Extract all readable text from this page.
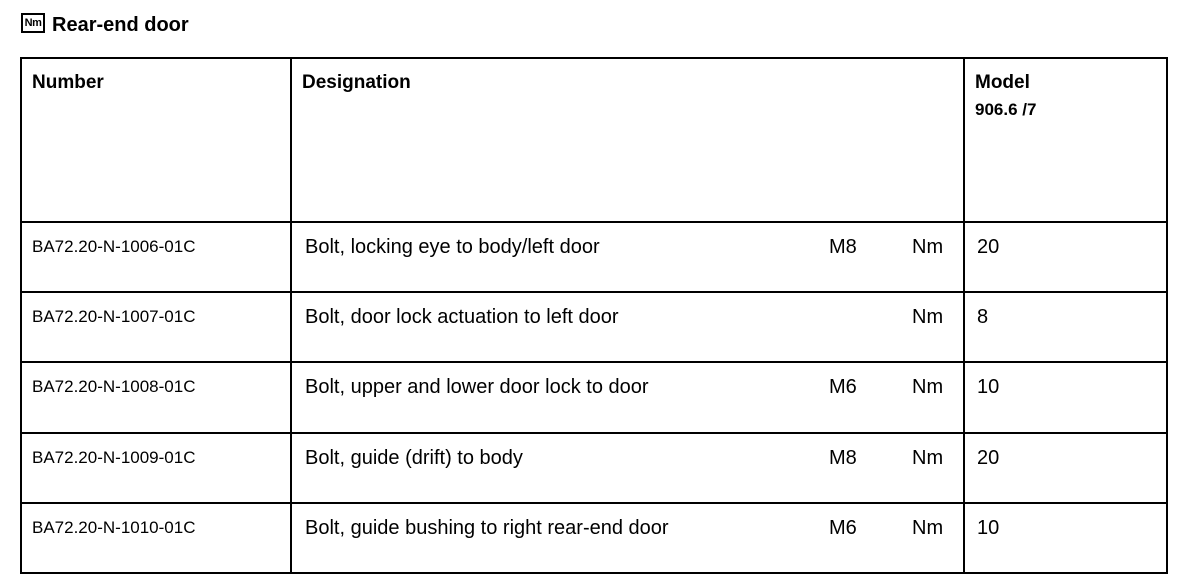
Nm Rear-end door
Number	Designation	Model
906.6 /7

BA72.20-N-1006-01C	Bolt, locking eye to body/left door M8 Nm	20
BA72.20-N-1007-01C	Bolt, door lock actuation to left door Nm	8
BA72.20-N-1008-01C	Bolt, upper and lower door lock to door M6 Nm	10
BA72.20-N-1009-01C	Bolt, guide (drift) to body M8 Nm	20
BA72.20-N-1010-01C	Bolt, guide bushing to right rear-end door M6 Nm	10
